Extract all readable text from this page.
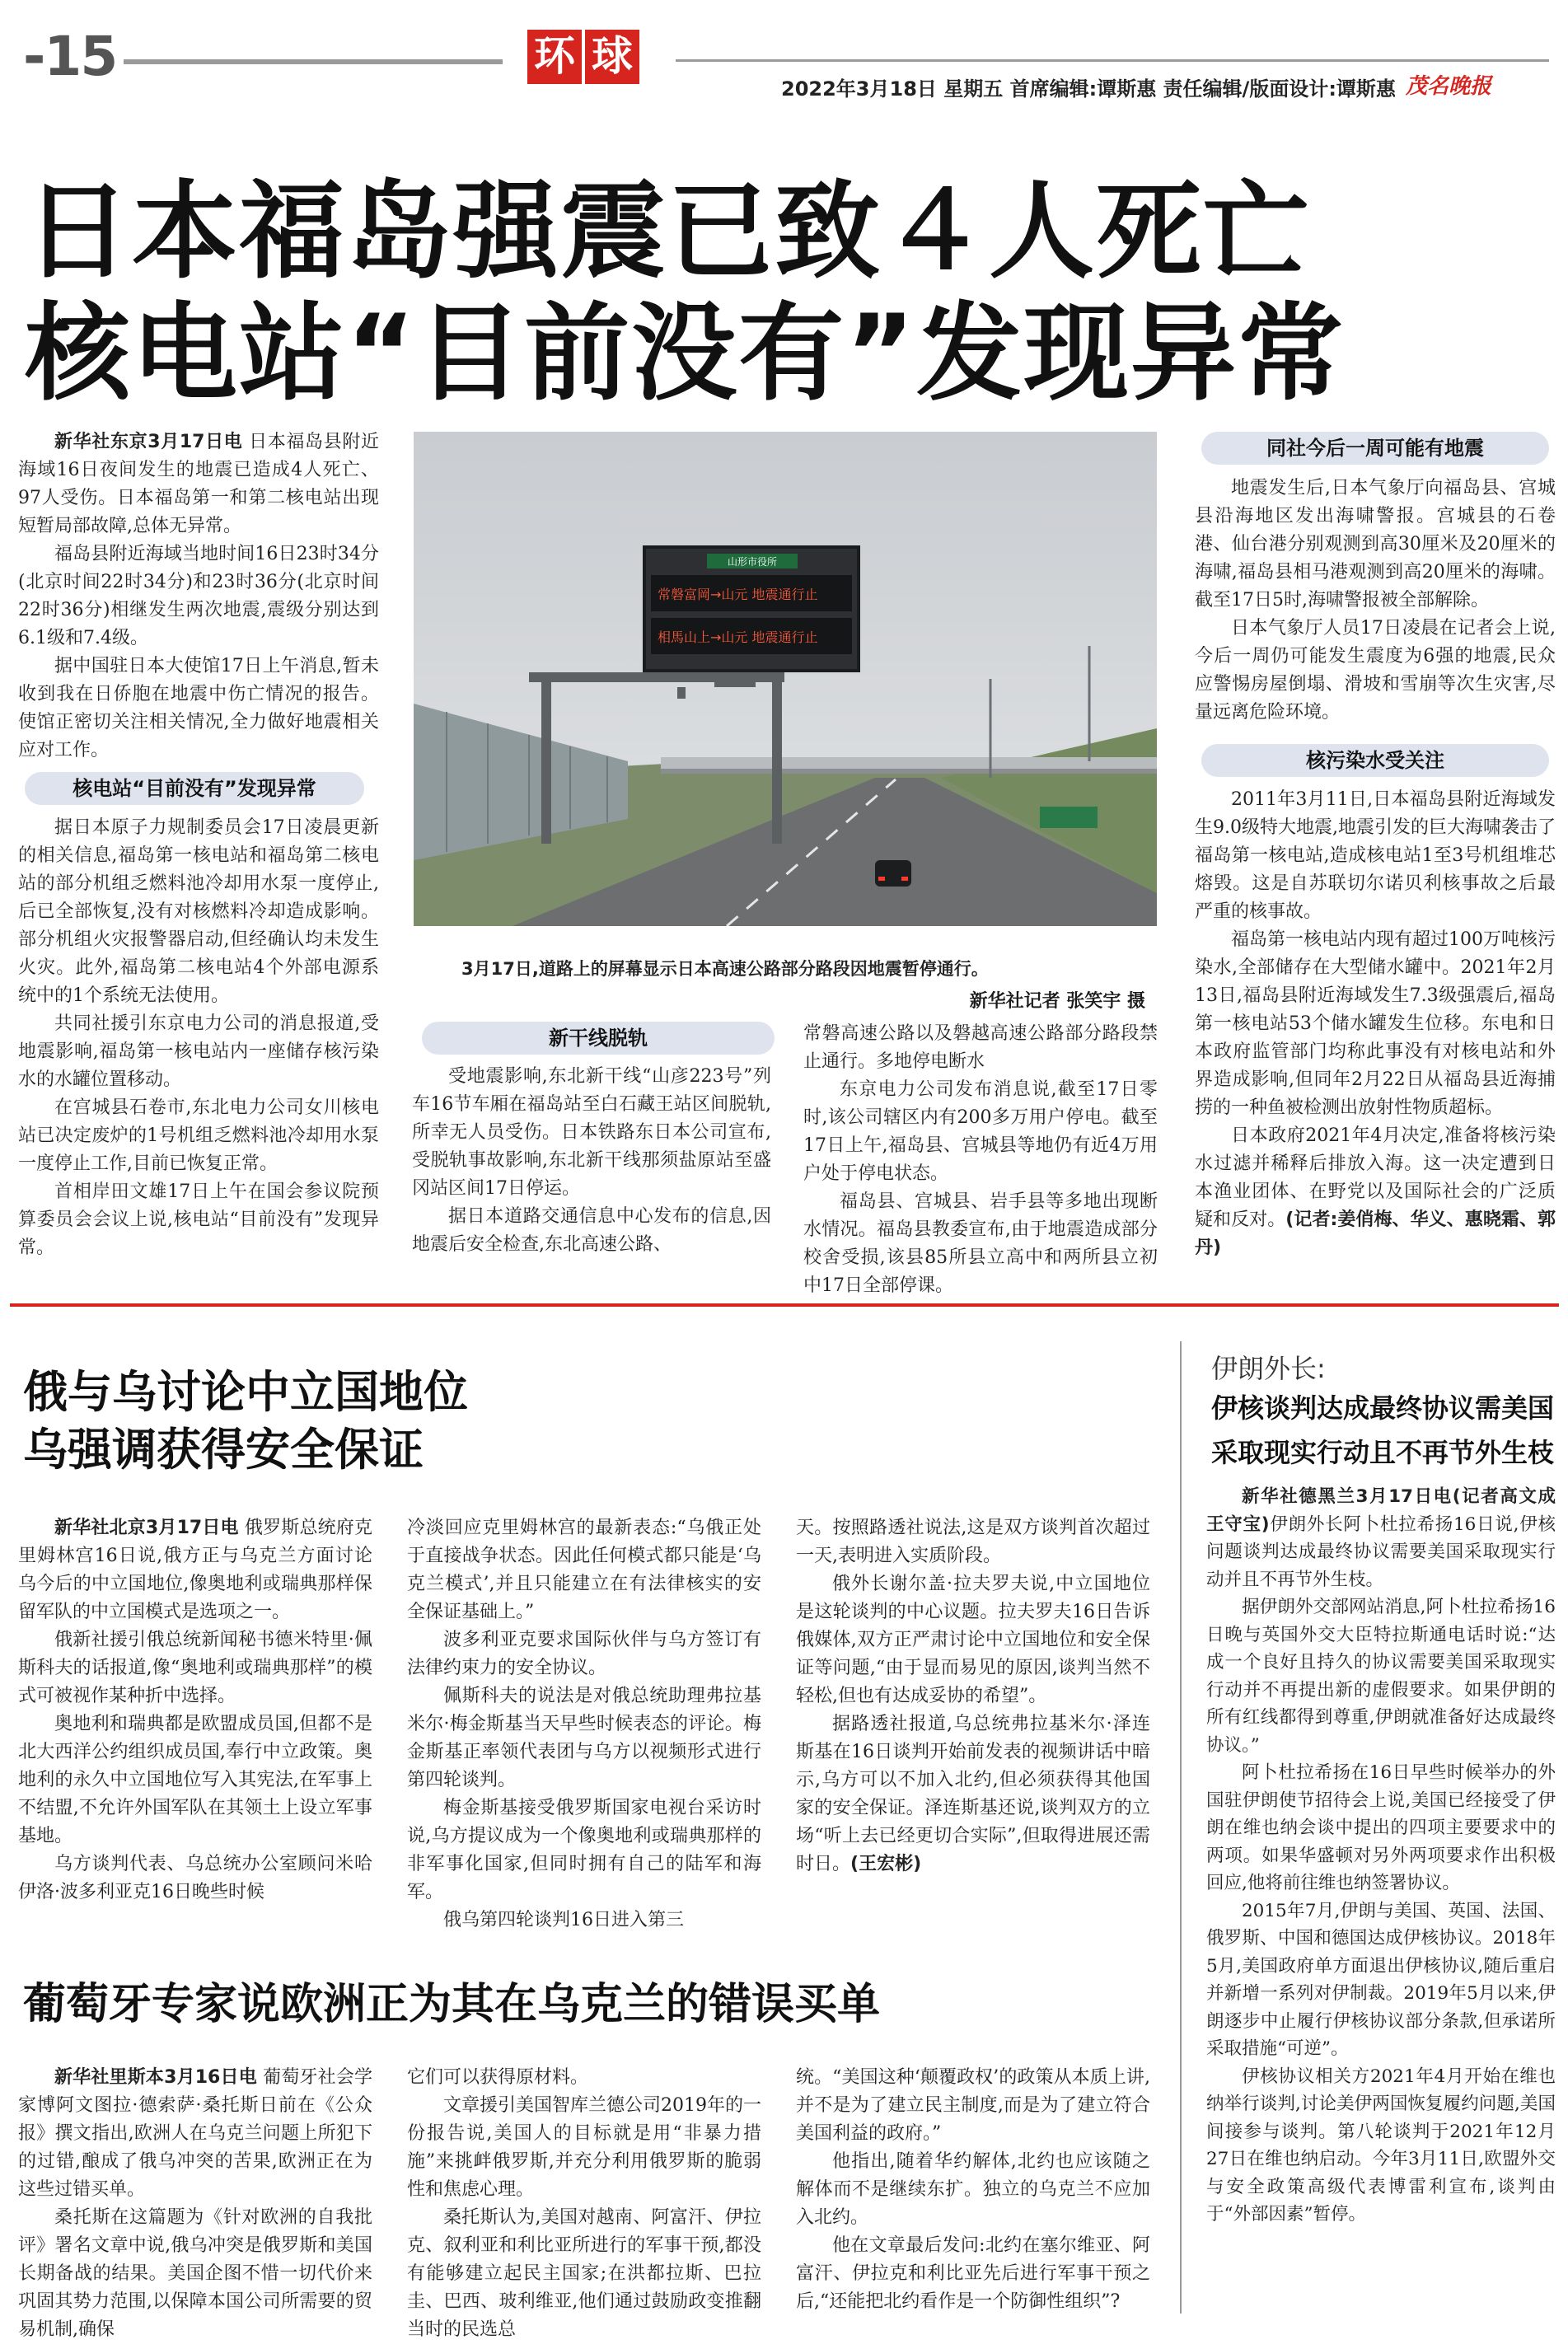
-15	环 球
2022年3月18日 星期五 首席编辑:谭斯惠 责任编辑/版面设计:谭斯惠 茂名晚报
日本福岛强震已致４人死亡
核电站“目前没有”发现异常

新华社东京3月17日电 日本福岛县附近海域16日夜间发生的地震已造成4人死亡、97人受伤。日本福岛第一和第二核电站出现短暂局部故障,总体无异常。

福岛县附近海域当地时间16日23时34分(北京时间22时34分)和23时36分(北京时间22时36分)相继发生两次地震,震级分别达到6.1级和7.4级。

据中国驻日本大使馆17日上午消息,暂未收到我在日侨胞在地震中伤亡情况的报告。使馆正密切关注相关情况,全力做好地震相关应对工作。

核电站“目前没有”发现异常

据日本原子力规制委员会17日凌晨更新的相关信息,福岛第一核电站和福岛第二核电站的部分机组乏燃料池冷却用水泵一度停止,后已全部恢复,没有对核燃料冷却造成影响。部分机组火灾报警器启动,但经确认均未发生火灾。此外,福岛第二核电站4个外部电源系统中的1个系统无法使用。

共同社援引东京电力公司的消息报道,受地震影响,福岛第一核电站内一座储存核污染水的水罐位置移动。

在宫城县石卷市,东北电力公司女川核电站已决定废炉的1号机组乏燃料池冷却用水泵一度停止工作,目前已恢复正常。

首相岸田文雄17日上午在国会参议院预算委员会会议上说,核电站“目前没有”发现异常。

山形市役所
常磐富岡→山元 地震通行止
相馬山上→山元 地震通行止
3月17日,道路上的屏幕显示日本高速公路部分路段因地震暂停通行。
新华社记者 张笑宇 摄
新干线脱轨

受地震影响,东北新干线“山彦223号”列车16节车厢在福岛站至白石藏王站区间脱轨,所幸无人员受伤。日本铁路东日本公司宣布,受脱轨事故影响,东北新干线那须盐原站至盛冈站区间17日停运。

据日本道路交通信息中心发布的信息,因地震后安全检查,东北高速公路、

常磐高速公路以及磐越高速公路部分路段禁止通行。多地停电断水

东京电力公司发布消息说,截至17日零时,该公司辖区内有200多万用户停电。截至17日上午,福岛县、宫城县等地仍有近4万用户处于停电状态。

福岛县、宫城县、岩手县等多地出现断水情况。福岛县教委宣布,由于地震造成部分校舍受损,该县85所县立高中和两所县立初中17日全部停课。

同社今后一周可能有地震

地震发生后,日本气象厅向福岛县、宫城县沿海地区发出海啸警报。宫城县的石卷港、仙台港分别观测到高30厘米及20厘米的海啸,福岛县相马港观测到高20厘米的海啸。截至17日5时,海啸警报被全部解除。

日本气象厅人员17日凌晨在记者会上说,今后一周仍可能发生震度为6强的地震,民众应警惕房屋倒塌、滑坡和雪崩等次生灾害,尽量远离危险环境。

核污染水受关注

2011年3月11日,日本福岛县附近海域发生9.0级特大地震,地震引发的巨大海啸袭击了福岛第一核电站,造成核电站1至3号机组堆芯熔毁。这是自苏联切尔诺贝利核事故之后最严重的核事故。

福岛第一核电站内现有超过100万吨核污染水,全部储存在大型储水罐中。2021年2月13日,福岛县附近海域发生7.3级强震后,福岛第一核电站53个储水罐发生位移。东电和日本政府监管部门均称此事没有对核电站和外界造成影响,但同年2月22日从福岛县近海捕捞的一种鱼被检测出放射性物质超标。

日本政府2021年4月决定,准备将核污染水过滤并稀释后排放入海。这一决定遭到日本渔业团体、在野党以及国际社会的广泛质疑和反对。(记者:姜俏梅、华义、惠晓霜、郭丹)

俄与乌讨论中立国地位
乌强调获得安全保证

新华社北京3月17日电 俄罗斯总统府克里姆林宫16日说,俄方正与乌克兰方面讨论乌今后的中立国地位,像奥地利或瑞典那样保留军队的中立国模式是选项之一。

俄新社援引俄总统新闻秘书德米特里·佩斯科夫的话报道,像“奥地利或瑞典那样”的模式可被视作某种折中选择。

奥地利和瑞典都是欧盟成员国,但都不是北大西洋公约组织成员国,奉行中立政策。奥地利的永久中立国地位写入其宪法,在军事上不结盟,不允许外国军队在其领土上设立军事基地。

乌方谈判代表、乌总统办公室顾问米哈伊洛·波多利亚克16日晚些时候

冷淡回应克里姆林宫的最新表态:“乌俄正处于直接战争状态。因此任何模式都只能是‘乌克兰模式’,并且只能建立在有法律核实的安全保证基础上。”

波多利亚克要求国际伙伴与乌方签订有法律约束力的安全协议。

佩斯科夫的说法是对俄总统助理弗拉基米尔·梅金斯基当天早些时候表态的评论。梅金斯基正率领代表团与乌方以视频形式进行第四轮谈判。

梅金斯基接受俄罗斯国家电视台采访时说,乌方提议成为一个像奥地利或瑞典那样的非军事化国家,但同时拥有自己的陆军和海军。

俄乌第四轮谈判16日进入第三

天。按照路透社说法,这是双方谈判首次超过一天,表明进入实质阶段。

俄外长谢尔盖·拉夫罗夫说,中立国地位是这轮谈判的中心议题。拉夫罗夫16日告诉俄媒体,双方正严肃讨论中立国地位和安全保证等问题,“由于显而易见的原因,谈判当然不轻松,但也有达成妥协的希望”。

据路透社报道,乌总统弗拉基米尔·泽连斯基在16日谈判开始前发表的视频讲话中暗示,乌方可以不加入北约,但必须获得其他国家的安全保证。泽连斯基还说,谈判双方的立场“听上去已经更切合实际”,但取得进展还需时日。(王宏彬)

葡萄牙专家说欧洲正为其在乌克兰的错误买单

新华社里斯本3月16日电 葡萄牙社会学家博阿文图拉·德索萨·桑托斯日前在《公众报》撰文指出,欧洲人在乌克兰问题上所犯下的过错,酿成了俄乌冲突的苦果,欧洲正在为这些过错买单。

桑托斯在这篇题为《针对欧洲的自我批评》署名文章中说,俄乌冲突是俄罗斯和美国长期备战的结果。美国企图不惜一切代价来巩固其势力范围,以保障本国公司所需要的贸易机制,确保

它们可以获得原材料。

文章援引美国智库兰德公司2019年的一份报告说,美国人的目标就是用“非暴力措施”来挑衅俄罗斯,并充分利用俄罗斯的脆弱性和焦虑心理。

桑托斯认为,美国对越南、阿富汗、伊拉克、叙利亚和利比亚所进行的军事干预,都没有能够建立起民主国家;在洪都拉斯、巴拉圭、巴西、玻利维亚,他们通过鼓励政变推翻当时的民选总

统。“美国这种‘颠覆政权’的政策从本质上讲,并不是为了建立民主制度,而是为了建立符合美国利益的政府。”

他指出,随着华约解体,北约也应该随之解体而不是继续东扩。独立的乌克兰不应加入北约。

他在文章最后发问:北约在塞尔维亚、阿富汗、伊拉克和利比亚先后进行军事干预之后,“还能把北约看作是一个防御性组织”?

伊朗外长:
伊核谈判达成最终协议需美国
采取现实行动且不再节外生枝

新华社德黑兰3月17日电(记者高文成 王守宝)伊朗外长阿卜杜拉希扬16日说,伊核问题谈判达成最终协议需要美国采取现实行动并且不再节外生枝。

据伊朗外交部网站消息,阿卜杜拉希扬16日晚与英国外交大臣特拉斯通电话时说:“达成一个良好且持久的协议需要美国采取现实行动并不再提出新的虚假要求。如果伊朗的所有红线都得到尊重,伊朗就准备好达成最终协议。”

阿卜杜拉希扬在16日早些时候举办的外国驻伊朗使节招待会上说,美国已经接受了伊朗在维也纳会谈中提出的四项主要要求中的两项。如果华盛顿对另外两项要求作出积极回应,他将前往维也纳签署协议。

2015年7月,伊朗与美国、英国、法国、俄罗斯、中国和德国达成伊核协议。2018年5月,美国政府单方面退出伊核协议,随后重启并新增一系列对伊制裁。2019年5月以来,伊朗逐步中止履行伊核协议部分条款,但承诺所采取措施“可逆”。

伊核协议相关方2021年4月开始在维也纳举行谈判,讨论美伊两国恢复履约问题,美国间接参与谈判。第八轮谈判于2021年12月27日在维也纳启动。今年3月11日,欧盟外交与安全政策高级代表博雷利宣布,谈判由于“外部因素”暂停。
